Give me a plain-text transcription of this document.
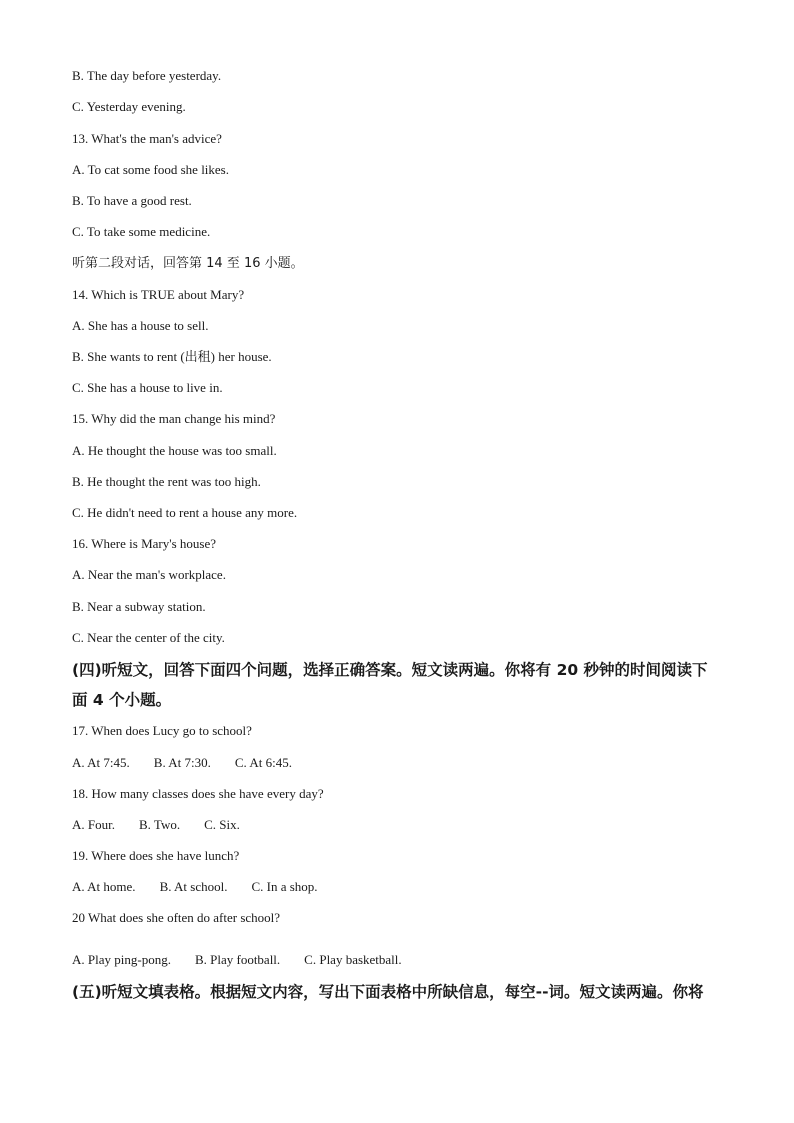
B. The day before yesterday.
C. Yesterday evening.
13. What's the man's advice?
A. To cat some food she likes.
B. To have a good rest.
C. To take some medicine.
听第二段对话，回答第 14 至 16 小题。
14. Which is TRUE about Mary?
A. She has a house to sell.
B. She wants to rent (出租) her house.
C. She has a house to live in.
15. Why did the man change his mind?
A. He thought the house was too small.
B. He thought the rent was too high.
C. He didn't need to rent a house any more.
16. Where is Mary's house?
A. Near the man's workplace.
B. Near a subway station.
C. Near the center of the city.
(四)听短文，回答下面四个问题，选择正确答案。短文读两遍。你将有 20 秒钟的时间阅读下
面 4 个小题。
17. When does Lucy go to school?
A. At 7:45. B. At 7:30. C. At 6:45.
18. How many classes does she have every day?
A. Four. B. Two. C. Six.
19. Where does she have lunch?
A. At home. B. At school. C. In a shop.
20 What does she often do after school?
A. Play ping-pong. B. Play football. C. Play basketball.
(五)听短文填表格。根据短文内容，写出下面表格中所缺信息，每空--词。短文读两遍。你将
